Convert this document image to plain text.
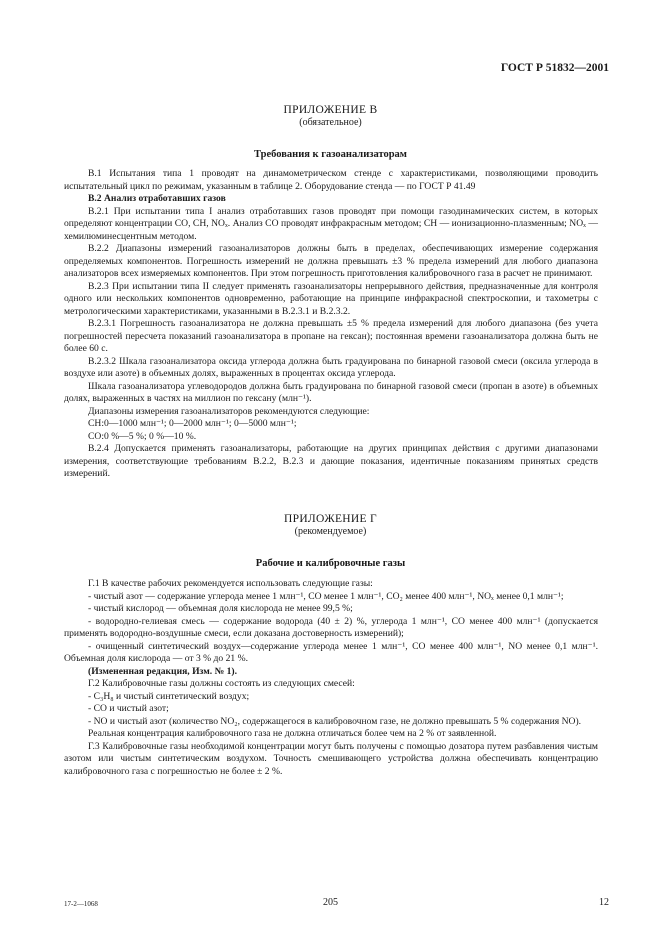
ГОСТ Р 51832—2001
ПРИЛОЖЕНИЕ В
(обязательное)
Требования к газоанализаторам

В.1 Испытания типа 1 проводят на динамометрическом стенде с характеристиками, позволяющими проводить испытательный цикл по режимам, указанным в таблице 2. Оборудование стенда — по ГОСТ Р 41.49

В.2 Анализ отработавших газов

В.2.1 При испытании типа I анализ отработавших газов проводят при помощи газодинамических систем, в которых определяют концентрации CO, CH, NOₓ. Анализ CO проводят инфракрасным методом; CH — ионизационно-плазменным; NOₓ — хемилюминесцентным методом.

В.2.2 Диапазоны измерений газоанализаторов должны быть в пределах, обеспечивающих измерение содержания определяемых компонентов. Погрешность измерений не должна превышать ±3 % предела измерений для любого диапазона анализаторов всех измеряемых компонентов. При этом погрешность приготовления калибровочного газа в расчет не принимают.

В.2.3 При испытании типа II следует применять газоанализаторы непрерывного действия, предназначенные для контроля одного или нескольких компонентов одновременно, работающие на принципе инфракрасной спектроскопии, и тахометры с метрологическими характеристиками, указанными в В.2.3.1 и В.2.3.2.

В.2.3.1 Погрешность газоанализатора не должна превышать ±5 % предела измерений для любого диапазона (без учета погрешностей пересчета показаний газоанализатора в пропане на гексан); постоянная времени газоанализатора должна быть не более 60 с.

В.2.3.2 Шкала газоанализатора оксида углерода должна быть градуирована по бинарной газовой смеси (оксила углерода в воздухе или азоте) в объемных долях, выраженных в процентах оксида углерода.

Шкала газоанализатора углеводородов должна быть градуирована по бинарной газовой смеси (пропан в азоте) в объемных долях, выраженных в частях на миллион по гексану (млн⁻¹).

Диапазоны измерения газоанализаторов рекомендуются следующие:

CH:0—1000 млн⁻¹; 0—2000 млн⁻¹; 0—5000 млн⁻¹;

CO:0 %—5 %; 0 %—10 %.

В.2.4 Допускается применять газоанализаторы, работающие на других принципах действия с другими диапазонами измерения, соответствующие требованиям В.2.2, В.2.3 и дающие показания, идентичные показаниям принятых средств измерений.

ПРИЛОЖЕНИЕ Г
(рекомендуемое)
Рабочие и калибровочные газы

Г.1 В качестве рабочих рекомендуется использовать следующие газы:

- чистый азот — содержание углерода менее 1 млн⁻¹, CO менее 1 млн⁻¹, CO₂ менее 400 млн⁻¹, NOₓ менее 0,1 млн⁻¹;

- чистый кислород — объемная доля кислорода не менее 99,5 %;

- водородно-гелиевая смесь — содержание водорода (40 ± 2) %, углерода 1 млн⁻¹, CO менее 400 млн⁻¹ (допускается применять водородно-воздушные смеси, если доказана достоверность измерений);

- очищенный синтетический воздух—содержание углерода менее 1 млн⁻¹, CO менее 400 млн⁻¹, NO менее 0,1 млн⁻¹. Объемная доля кислорода — от 3 % до 21 %.

(Измененная редакция, Изм. № 1).

Г.2 Калибровочные газы должны состоять из следующих смесей:

- C₃H₈ и чистый синтетический воздух;

- CO и чистый азот;

- NO и чистый азот (количество NO₂, содержащегося в калибровочном газе, не должно превышать 5 % содержания NO).

Реальная концентрация калибровочного газа не должна отличаться более чем на 2 % от заявленной.

Г.3 Калибровочные газы необходимой концентрации могут быть получены с помощью дозатора путем разбавления чистым азотом или чистым синтетическим воздухом. Точность смешивающего устройства должна обеспечивать концентрацию калибровочного газа с погрешностью не более ± 2 %.

17-2—1068	205	12
